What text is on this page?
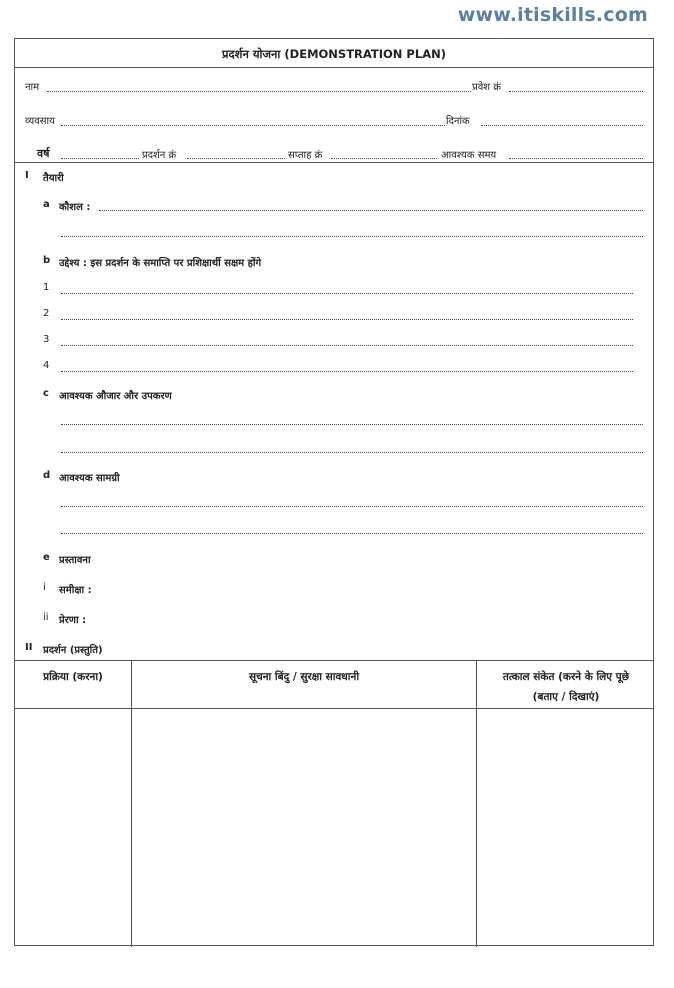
www.itiskills.com
प्रदर्शन योजना (DEMONSTRATION PLAN)
नाम	प्रवेश क्रं
व्यवसाय	दिनांक
वर्ष	प्रदर्शन क्रं	सप्ताह क्रं	आवश्यक समय
I तैयारी
a कौशल :
b उद्देश्य : इस प्रदर्शन के समाप्ति पर प्रशिक्षार्थी सक्षम होंगे
1
2
3
4
c आवश्यक औजार और उपकरण
d आवश्यक सामग्री
e प्रस्तावना
i समीक्षा :
ii प्रेरणा :
II प्रदर्शन (प्रस्तुति)
प्रक्रिया (करना)	सूचना बिंदु / सुरक्षा सावधानी	तत्काल संकेत (करने के लिए पूछे
(बताए / दिखाएं)
